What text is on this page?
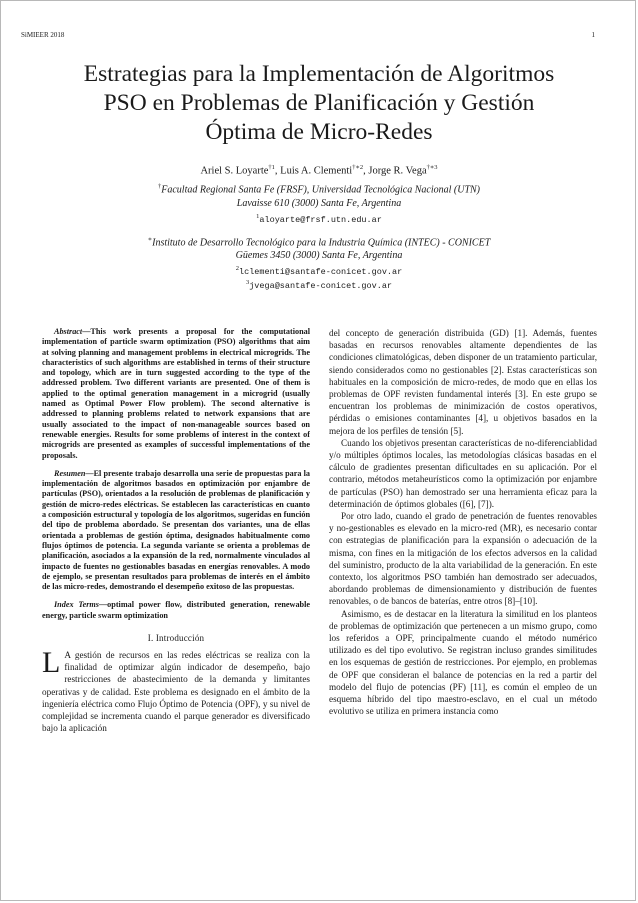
SiMIEER 2018	1
Estrategias para la Implementación de Algoritmos
PSO en Problemas de Planificación y Gestión
Óptima de Micro-Redes
Ariel S. Loyarte$^{\dagger 1}$, Luis A. Clementi$^{\dagger∗2}$, Jorge R. Vega$^{\dagger∗3}$
†Facultad Regional Santa Fe (FRSF), Universidad Tecnológica Nacional (UTN)
Lavaisse 610 (3000) Santa Fe, Argentina
$^1$aloyarte@frsf.utn.edu.ar
∗Instituto de Desarrollo Tecnológico para la Industria Química (INTEC) - CONICET
Güemes 3450 (3000) Santa Fe, Argentina
$^2$lclementi@santafe-conicet.gov.ar
$^3$jvega@santafe-conicet.gov.ar

Abstract—This work presents a proposal for the computational implementation of particle swarm optimization (PSO) algorithms that aim at solving planning and management problems in electrical microgrids. The characteristics of such algorithms are established in terms of their structure and topology, which are in turn suggested according to the type of the addressed problem. Two different variants are presented. One of them is applied to the optimal generation management in a microgrid (usually named as Optimal Power Flow problem). The second alternative is addressed to planning problems related to network expansions that are usually associated to the impact of non-manageable sources based on renewable energies. Results for some problems of interest in the context of microgrids are presented as examples of successful implementations of the proposals.

Resumen—El presente trabajo desarrolla una serie de propuestas para la implementación de algoritmos basados en optimización por enjambre de partículas (PSO), orientados a la resolución de problemas de planificación y gestión de micro-redes eléctricas. Se establecen las características en cuanto a composición estructural y topología de los algoritmos, sugeridas en función del tipo de problema abordado. Se presentan dos variantes, una de ellas orientada a problemas de gestión óptima, designados habitualmente como flujos óptimos de potencia. La segunda variante se orienta a problemas de planificación, asociados a la expansión de la red, normalmente vinculados al impacto de fuentes no gestionables basadas en energías renovables. A modo de ejemplo, se presentan resultados para problemas de interés en el ámbito de las micro-redes, demostrando el desempeño exitoso de las propuestas.

Index Terms—optimal power flow, distributed generation, renewable energy, particle swarm optimization

I. Introducción

L A gestión de recursos en las redes eléctricas se realiza con la finalidad de optimizar algún indicador de desempeño, bajo restricciones de abastecimiento de la demanda y limitantes operativas y de calidad. Este problema es designado en el ámbito de la ingeniería eléctrica como Flujo Óptimo de Potencia (OPF), y su nivel de complejidad se incrementa cuando el parque generador es diversificado bajo la aplicación

del concepto de generación distribuida (GD) [1]. Además, fuentes basadas en recursos renovables altamente dependientes de las condiciones climatológicas, deben disponer de un tratamiento particular, siendo considerados como no gestionables [2]. Estas características son habituales en la composición de micro-redes, de modo que en ellas los problemas de OPF revisten fundamental interés [3]. En este grupo se encuentran los problemas de minimización de costos operativos, pérdidas o emisiones contaminantes [4], u objetivos basados en la mejora de los perfiles de tensión [5].

Cuando los objetivos presentan características de no-diferenciablidad y/o múltiples óptimos locales, las metodologías clásicas basadas en el cálculo de gradientes presentan dificultades en su aplicación. Por el contrario, métodos metaheurísticos como la optimización por enjambre de partículas (PSO) han demostrado ser una herramienta eficaz para la determinación de óptimos globales ([6], [7]).

Por otro lado, cuando el grado de penetración de fuentes renovables y no-gestionables es elevado en la micro-red (MR), es necesario contar con estrategias de planificación para la expansión o adecuación de la misma, con fines en la mitigación de los efectos adversos en la calidad del suministro, producto de la alta variabilidad de la generación. En este contexto, los algoritmos PSO también han demostrado ser adecuados, abordando problemas de dimensionamiento y distribución de fuentes renovables, o de bancos de baterías, entre otros [8]–[10].

Asimismo, es de destacar en la literatura la similitud en los planteos de problemas de optimización que pertenecen a un mismo grupo, como los referidos a OPF, principalmente cuando el método numérico utilizado es del tipo evolutivo. Se registran incluso grandes similitudes en los esquemas de gestión de restricciones. Por ejemplo, en problemas de OPF que consideran el balance de potencias en la red a partir del modelo del flujo de potencias (PF) [11], es común el empleo de un esquema híbrido del tipo maestro-esclavo, en el cual un método evolutivo se utiliza en primera instancia como
